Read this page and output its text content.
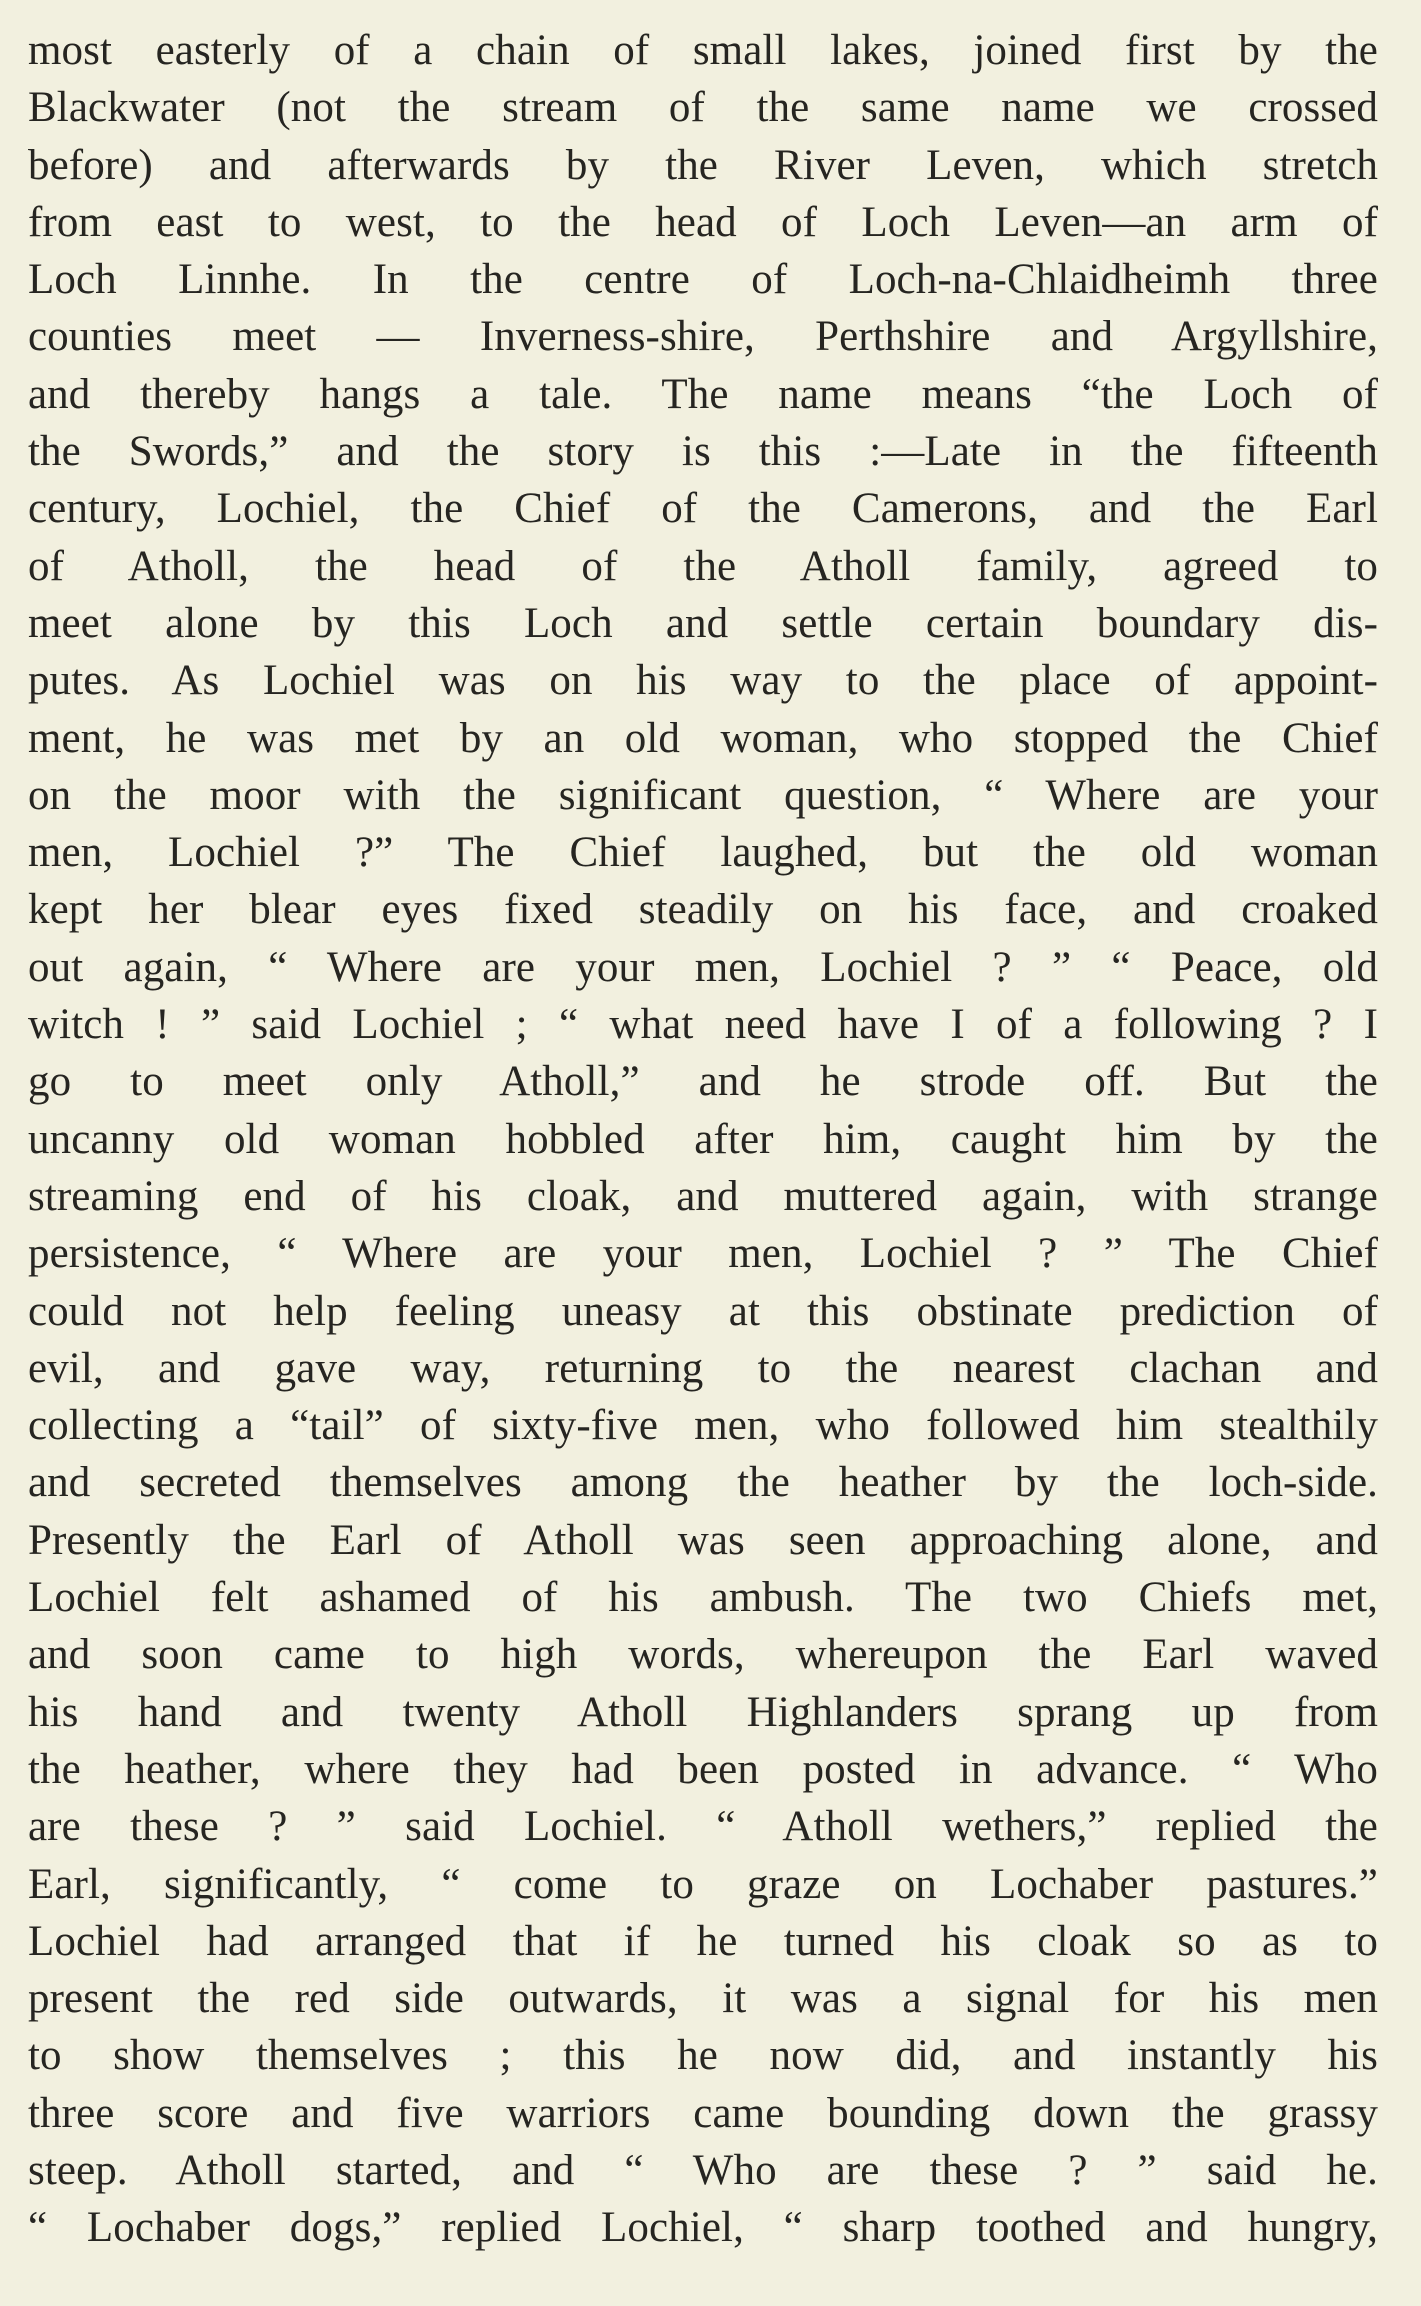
most easterly of a chain of small lakes, joined first by the
Blackwater (not the stream of the same name we crossed
before) and afterwards by the River Leven, which stretch
from east to west, to the head of Loch Leven—an arm of
Loch Linnhe. In the centre of Loch-na-Chlaidheimh three
counties meet — Inverness-shire, Perthshire and Argyllshire,
and thereby hangs a tale. The name means “the Loch of
the Swords,” and the story is this :—Late in the fifteenth
century, Lochiel, the Chief of the Camerons, and the Earl
of Atholl, the head of the Atholl family, agreed to
meet alone by this Loch and settle certain boundary dis-
putes. As Lochiel was on his way to the place of appoint-
ment, he was met by an old woman, who stopped the Chief
on the moor with the significant question, “ Where are your
men, Lochiel ?” The Chief laughed, but the old woman
kept her blear eyes fixed steadily on his face, and croaked
out again, “ Where are your men, Lochiel ? ” “ Peace, old
witch ! ” said Lochiel ; “ what need have I of a following ? I
go to meet only Atholl,” and he strode off. But the
uncanny old woman hobbled after him, caught him by the
streaming end of his cloak, and muttered again, with strange
persistence, “ Where are your men, Lochiel ? ” The Chief
could not help feeling uneasy at this obstinate prediction of
evil, and gave way, returning to the nearest clachan and
collecting a “tail” of sixty-five men, who followed him stealthily
and secreted themselves among the heather by the loch-side.
Presently the Earl of Atholl was seen approaching alone, and
Lochiel felt ashamed of his ambush. The two Chiefs met,
and soon came to high words, whereupon the Earl waved
his hand and twenty Atholl Highlanders sprang up from
the heather, where they had been posted in advance. “ Who
are these ? ” said Lochiel. “ Atholl wethers,” replied the
Earl, significantly, “ come to graze on Lochaber pastures.”
Lochiel had arranged that if he turned his cloak so as to
present the red side outwards, it was a signal for his men
to show themselves ; this he now did, and instantly his
three score and five warriors came bounding down the grassy
steep. Atholl started, and “ Who are these ? ” said he.
“ Lochaber dogs,” replied Lochiel, “ sharp toothed and hungry,
